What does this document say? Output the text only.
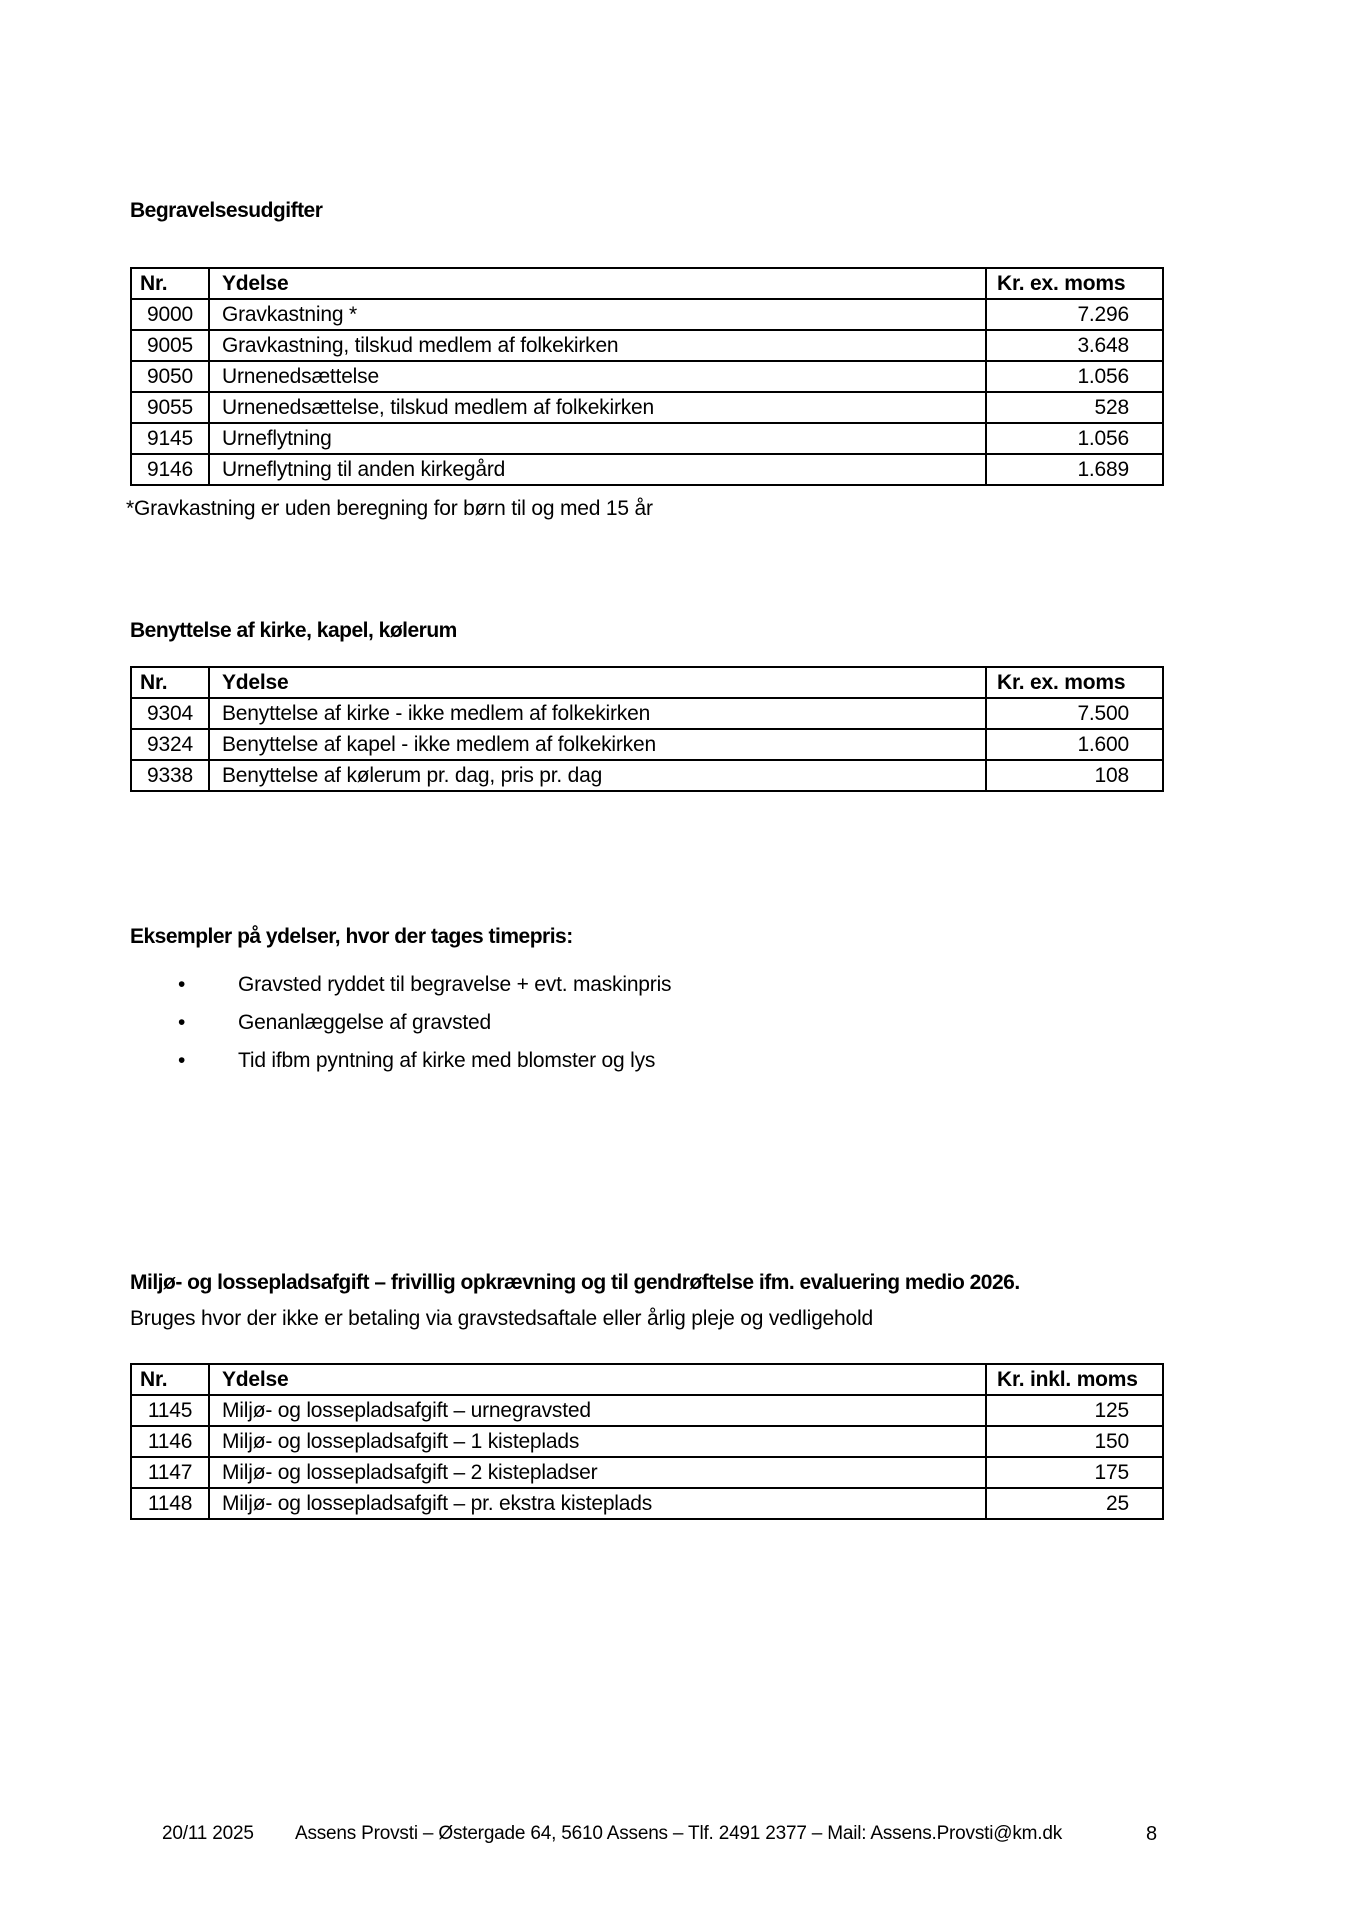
Begravelsesudgifter
Nr.	Ydelse	Kr. ex. moms
9000	Gravkastning *	7.296
9005	Gravkastning, tilskud medlem af folkekirken	3.648
9050	Urnenedsættelse	1.056
9055	Urnenedsættelse, tilskud medlem af folkekirken	528
9145	Urneflytning	1.056
9146	Urneflytning til anden kirkegård	1.689
*Gravkastning er uden beregning for børn til og med 15 år
Benyttelse af kirke, kapel, kølerum
Nr.	Ydelse	Kr. ex. moms
9304	Benyttelse af kirke - ikke medlem af folkekirken	7.500
9324	Benyttelse af kapel - ikke medlem af folkekirken	1.600
9338	Benyttelse af kølerum pr. dag, pris pr. dag	108
Eksempler på ydelser, hvor der tages timepris:
•	Gravsted ryddet til begravelse + evt. maskinpris
•	Genanlæggelse af gravsted
•	Tid ifbm pyntning af kirke med blomster og lys
Miljø- og lossepladsafgift – frivillig opkrævning og til gendrøftelse ifm. evaluering medio 2026.
Bruges hvor der ikke er betaling via gravstedsaftale eller årlig pleje og vedligehold
Nr.	Ydelse	Kr. inkl. moms
1145	Miljø- og lossepladsafgift – urnegravsted	125
1146	Miljø- og lossepladsafgift – 1 kisteplads	150
1147	Miljø- og lossepladsafgift – 2 kistepladser	175
1148	Miljø- og lossepladsafgift – pr. ekstra kisteplads	25
20/11 2025	Assens Provsti – Østergade 64, 5610 Assens – Tlf. 2491 2377 – Mail: Assens.Provsti@km.dk	8
